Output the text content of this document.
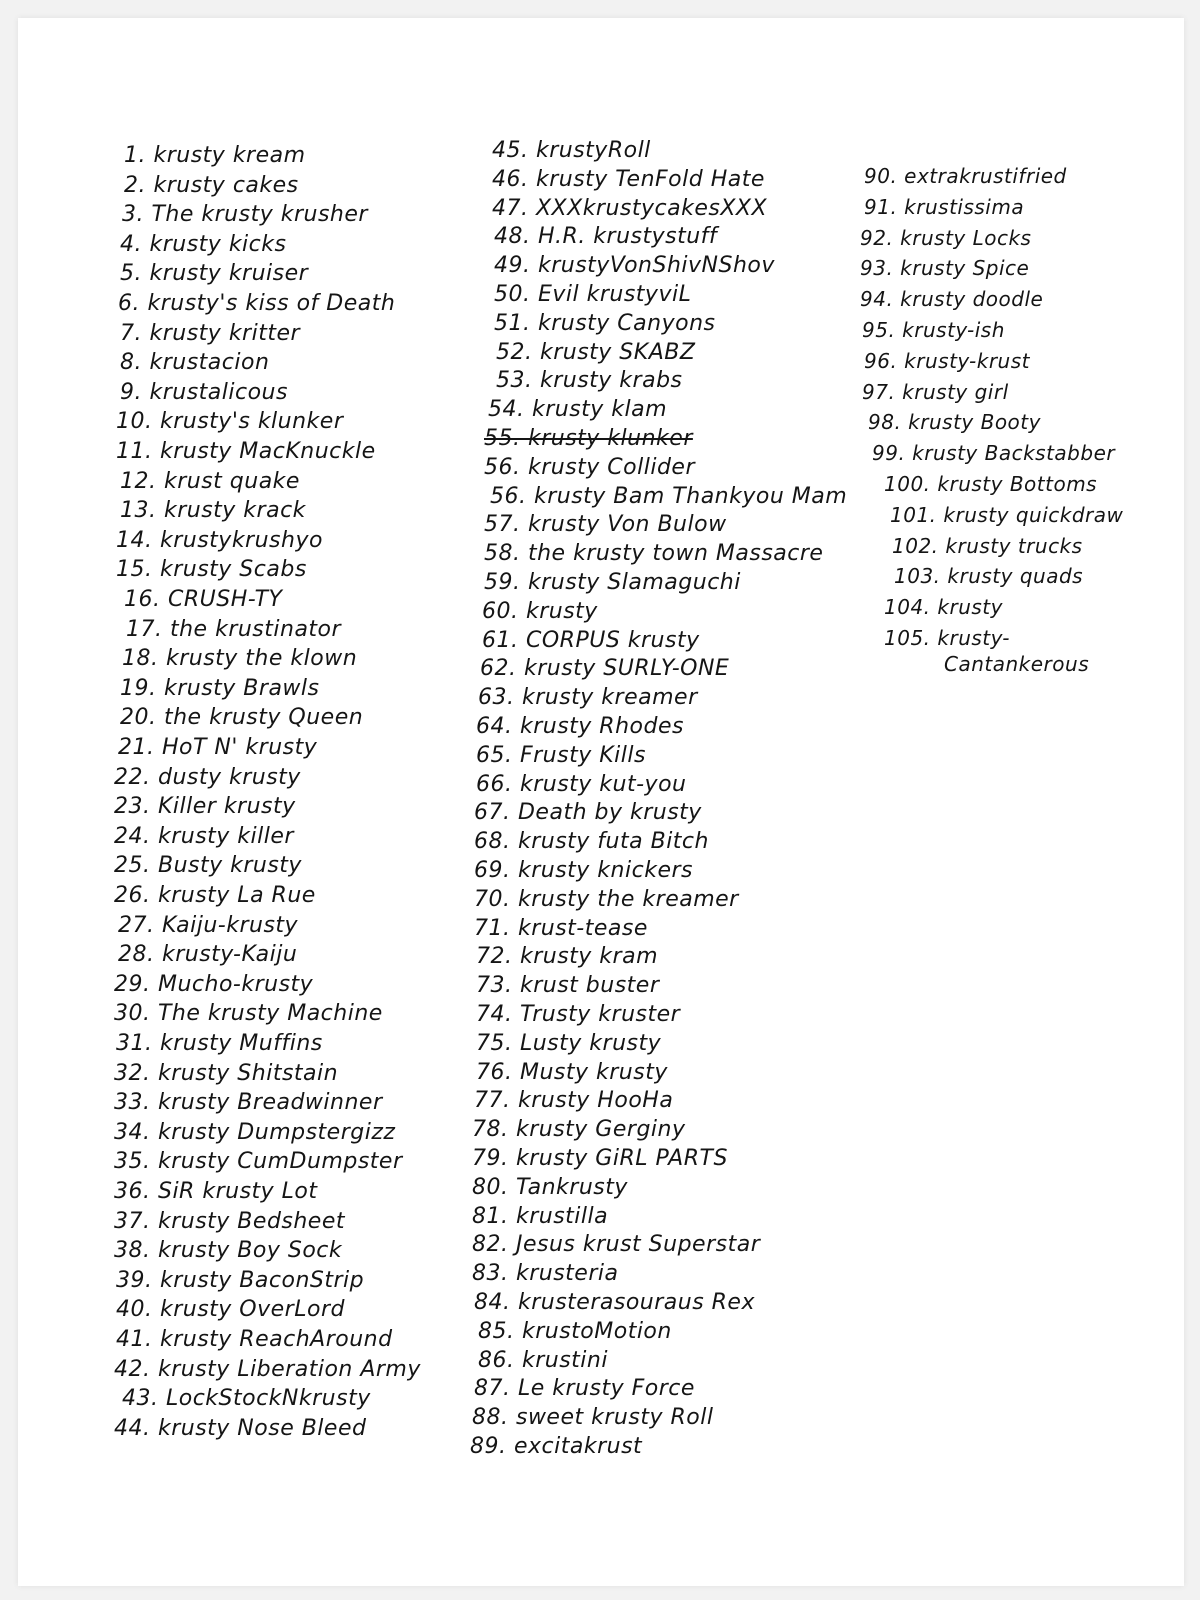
1. krusty kream
2. krusty cakes
3. The krusty krusher
4. krusty kicks
5. krusty kruiser
6. krusty's kiss of Death
7. krusty kritter
8. krustacion
9. krustalicous
10. krusty's klunker
11. krusty MacKnuckle
12. krust quake
13. krusty krack
14. krustykrushyo
15. krusty Scabs
16. CRUSH-TY
17. the krustinator
18. krusty the klown
19. krusty Brawls
20. the krusty Queen
21. HoT N' krusty
22. dusty krusty
23. Killer krusty
24. krusty killer
25. Busty krusty
26. krusty La Rue
27. Kaiju-krusty
28. krusty-Kaiju
29. Mucho-krusty
30. The krusty Machine
31. krusty Muffins
32. krusty Shitstain
33. krusty Breadwinner
34. krusty Dumpstergizz
35. krusty CumDumpster
36. SiR krusty Lot
37. krusty Bedsheet
38. krusty Boy Sock
39. krusty BaconStrip
40. krusty OverLord
41. krusty ReachAround
42. krusty Liberation Army
43. LockStockNkrusty
44. krusty Nose Bleed
45. krustyRoll
46. krusty TenFold Hate
47. XXXkrustycakesXXX
48. H.R. krustystuff
49. krustyVonShivNShov
50. Evil krustyviL
51. krusty Canyons
52. krusty SKABZ
53. krusty krabs
54. krusty klam
55. krusty klunker
56. krusty Collider
56. krusty Bam Thankyou Mam
57. krusty Von Bulow
58. the krusty town Massacre
59. krusty Slamaguchi
60. krusty
61. CORPUS krusty
62. krusty SURLY-ONE
63. krusty kreamer
64. krusty Rhodes
65. Frusty Kills
66. krusty kut-you
67. Death by krusty
68. krusty futa Bitch
69. krusty knickers
70. krusty the kreamer
71. krust-tease
72. krusty kram
73. krust buster
74. Trusty kruster
75. Lusty krusty
76. Musty krusty
77. krusty HooHa
78. krusty Gerginy
79. krusty GiRL PARTS
80. Tankrusty
81. krustilla
82. Jesus krust Superstar
83. krusteria
84. krusterasouraus Rex
85. krustoMotion
86. krustini
87. Le krusty Force
88. sweet krusty Roll
89. excitakrust
90. extrakrustifried
91. krustissima
92. krusty Locks
93. krusty Spice
94. krusty doodle
95. krusty-ish
96. krusty-krust
97. krusty girl
98. krusty Booty
99. krusty Backstabber
100. krusty Bottoms
101. krusty quickdraw
102. krusty trucks
103. krusty quads
104. krusty
105. krusty-
Cantankerous
